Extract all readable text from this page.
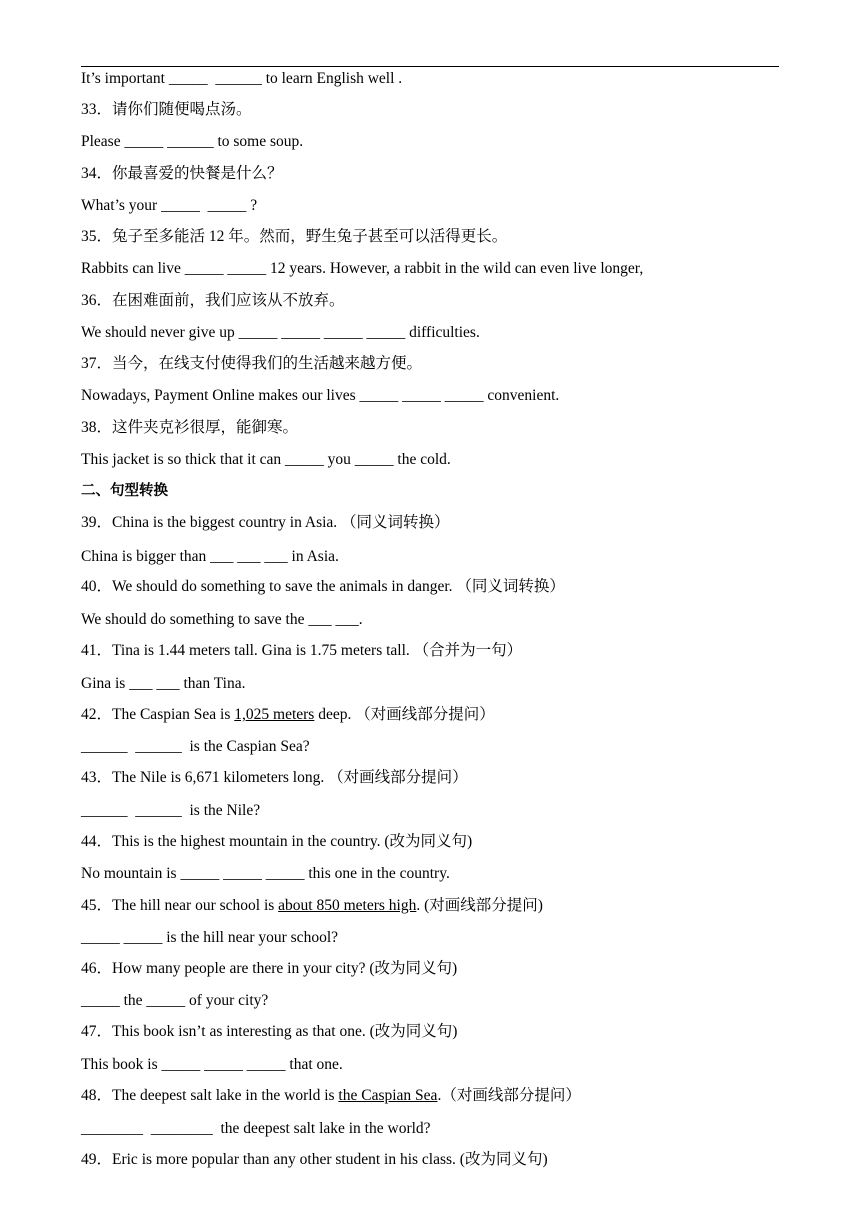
It’s important _____  ______ to learn English well .
33．请你们随便喝点汤。
Please _____ ______ to some soup.
34．你最喜爱的快餐是什么？
What’s your _____  _____ ?
35．兔子至多能活 12 年。然而，野生兔子甚至可以活得更长。
Rabbits can live _____ _____ 12 years. However, a rabbit in the wild can even live longer,
36．在困难面前，我们应该从不放弃。
We should never give up _____ _____ _____ _____ difficulties.
37．当今，在线支付使得我们的生活越来越方便。
Nowadays, Payment Online makes our lives _____ _____ _____ convenient.
38．这件夹克衫很厚，能御寒。
This jacket is so thick that it can _____ you _____ the cold.
二、句型转换
39．China is the biggest country in Asia. （同义词转换）
China is bigger than ___ ___ ___ in Asia.
40．We should do something to save the animals in danger. （同义词转换）
We should do something to save the ___ ___.
41．Tina is 1.44 meters tall. Gina is 1.75 meters tall. （合并为一句）
Gina is ___ ___ than Tina.
42．The Caspian Sea is 1,025 meters deep. （对画线部分提问）
______  ______  is the Caspian Sea?
43．The Nile is 6,671 kilometers long. （对画线部分提问）
______  ______  is the Nile?
44．This is the highest mountain in the country. (改为同义句)
No mountain is _____ _____ _____ this one in the country.
45．The hill near our school is about 850 meters high. (对画线部分提问)
_____ _____ is the hill near your school?
46．How many people are there in your city? (改为同义句)
_____ the _____ of your city?
47．This book isn’t as interesting as that one. (改为同义句)
This book is _____ _____ _____ that one.
48．The deepest salt lake in the world is the Caspian Sea.（对画线部分提问）
________  ________  the deepest salt lake in the world?
49．Eric is more popular than any other student in his class. (改为同义句)
